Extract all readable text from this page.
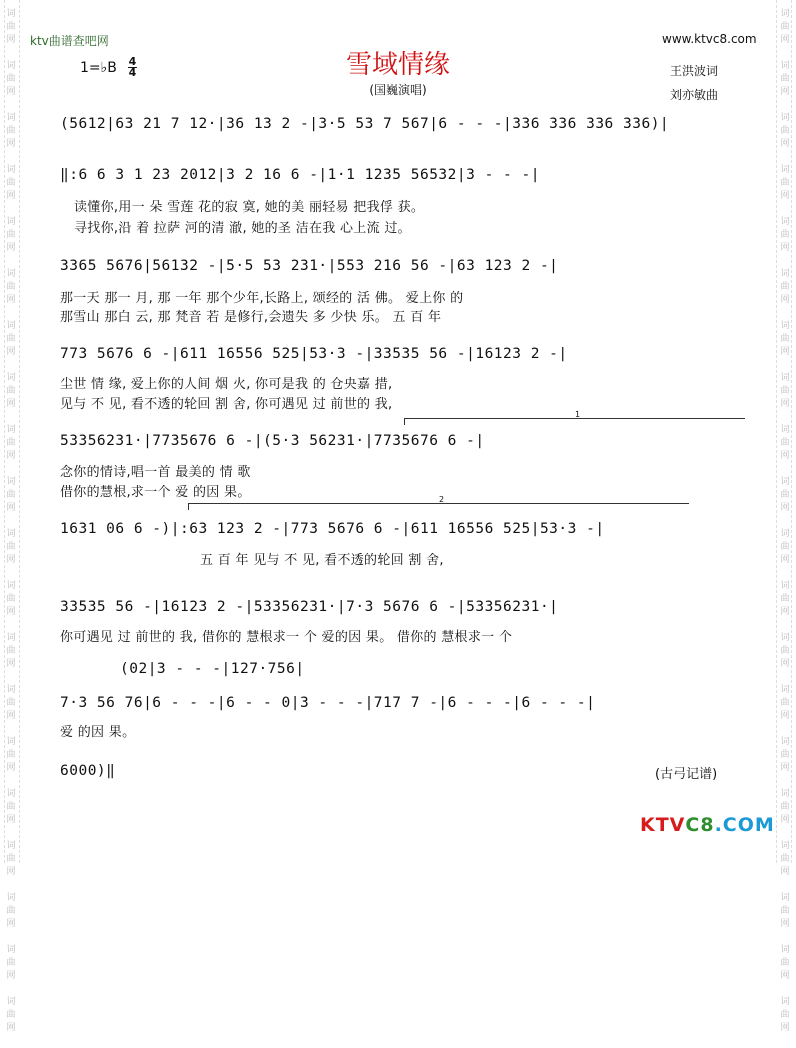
词
曲
网

词
曲
网

词
曲
网

词
曲
网

词
曲
网

词
曲
网

词
曲
网

词
曲
网

词
曲
网

词
曲
网

词
曲
网

词
曲
网

词
曲
网

词
曲
网

词
曲
网

词
曲
网

词
曲
网

词
曲
网

词
曲
网

词
曲
网

词
曲
网

词
曲
网

词
曲
网

词
曲
网

词
曲
网

词
曲
网

词
曲
网

词
曲
网

词
曲
网

词
曲
网

词
曲
网

词
曲
网

词
曲
网

词
曲
网

词
曲
网

词
曲
网

词
曲
网

词
曲
网

词
曲
网

词
曲
网

ktv曲谱查吧网	www.ktvc8.com
1=♭B 4
4	雪域情缘
(国巍演唱)
王洪波词
刘亦敏曲
(5612|63 21 7 12·|36 13 2 -|3·5 53 7 567|6 - - -|336 336 336 336)|
‖:6 6 3 1 23 2012|3 2 16 6 -|1·1 1235 56532|3 - - -|
读懂你,用一 朵 雪莲 花的寂 寞, 她的美 丽轻易 把我俘 获。
寻找你,沿 着 拉萨 河的清 澈, 她的圣 洁在我 心上流 过。
3365 5676|56132 -|5·5 53 231·|553 216 56 -|63 123 2 -|
那一天 那一 月, 那 一年 那个少年,长路上, 颂经的 活 佛。 爱上你 的
那雪山 那白 云, 那 梵音 若 是修行,会遗失 多 少快 乐。 五 百 年
773 5676 6 -|611 16556 525|53·3 -|33535 56 -|16123 2 -|
尘世 情 缘, 爱上你的人间 烟 火, 你可是我 的 仓央嘉 措,
见与 不 见, 看不透的轮回 割 舍, 你可遇见 过 前世的 我,
1
53356231·|7735676 6 -|(5·3 56231·|7735676 6 -|
念你的情诗,唱一首 最美的 情 歌
借你的慧根,求一个 爱 的因 果。	2
1631 06 6 -)|:63 123 2 -|773 5676 6 -|611 16556 525|53·3 -|
五 百 年 见与 不 见, 看不透的轮回 割 舍,
33535 56 -|16123 2 -|53356231·|7·3 5676 6 -|53356231·|
你可遇见 过 前世的 我, 借你的 慧根求一 个 爱的因 果。 借你的 慧根求一 个
(02|3 - - -|127·756|
7·3 56 76|6 - - -|6 - - 0|3 - - -|717 7 -|6 - - -|6 - - -|
爱 的因 果。
6000)‖	(古弓记谱)
KTVC8.COM
